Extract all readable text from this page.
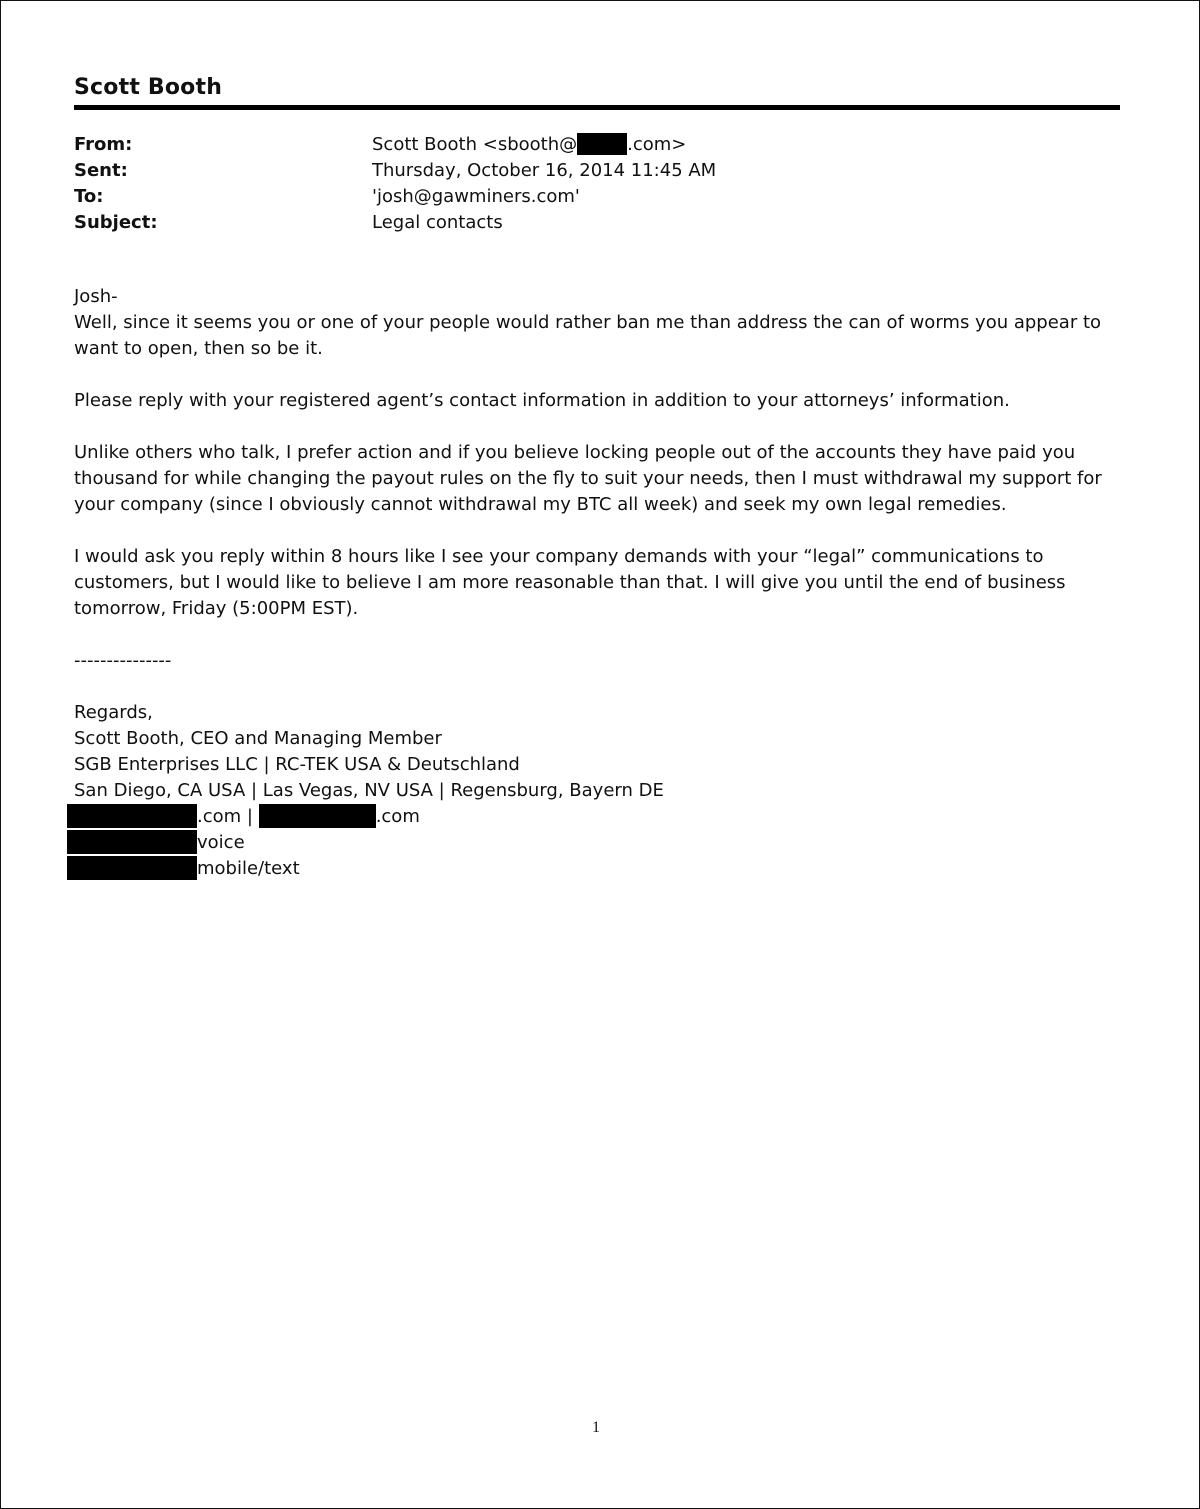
Scott Booth
From:	Scott Booth <sbooth@	.com>
Sent:	Thursday, October 16, 2014 11:45 AM
To:	'josh@gawminers.com'
Subject:	Legal contacts
Josh-

Well, since it seems you or one of your people would rather ban me than address the can of worms you appear to want to open, then so be it.

Please reply with your registered agent’s contact information in addition to your attorneys’ information.

Unlike others who talk, I prefer action and if you believe locking people out of the accounts they have paid you thousand for while changing the payout rules on the fly to suit your needs, then I must withdrawal my support for your company (since I obviously cannot withdrawal my BTC all week) and seek my own legal remedies.

I would ask you reply within 8 hours like I see your company demands with your “legal” communications to customers, but I would like to believe I am more reasonable than that. I will give you until the end of business tomorrow, Friday (5:00PM EST).

---------------

Regards,
Scott Booth, CEO and Managing Member
SGB Enterprises LLC | RC-TEK USA & Deutschland
San Diego, CA USA | Las Vegas, NV USA | Regensburg, Bayern DE
.com |	.com
voice
mobile/text
1
